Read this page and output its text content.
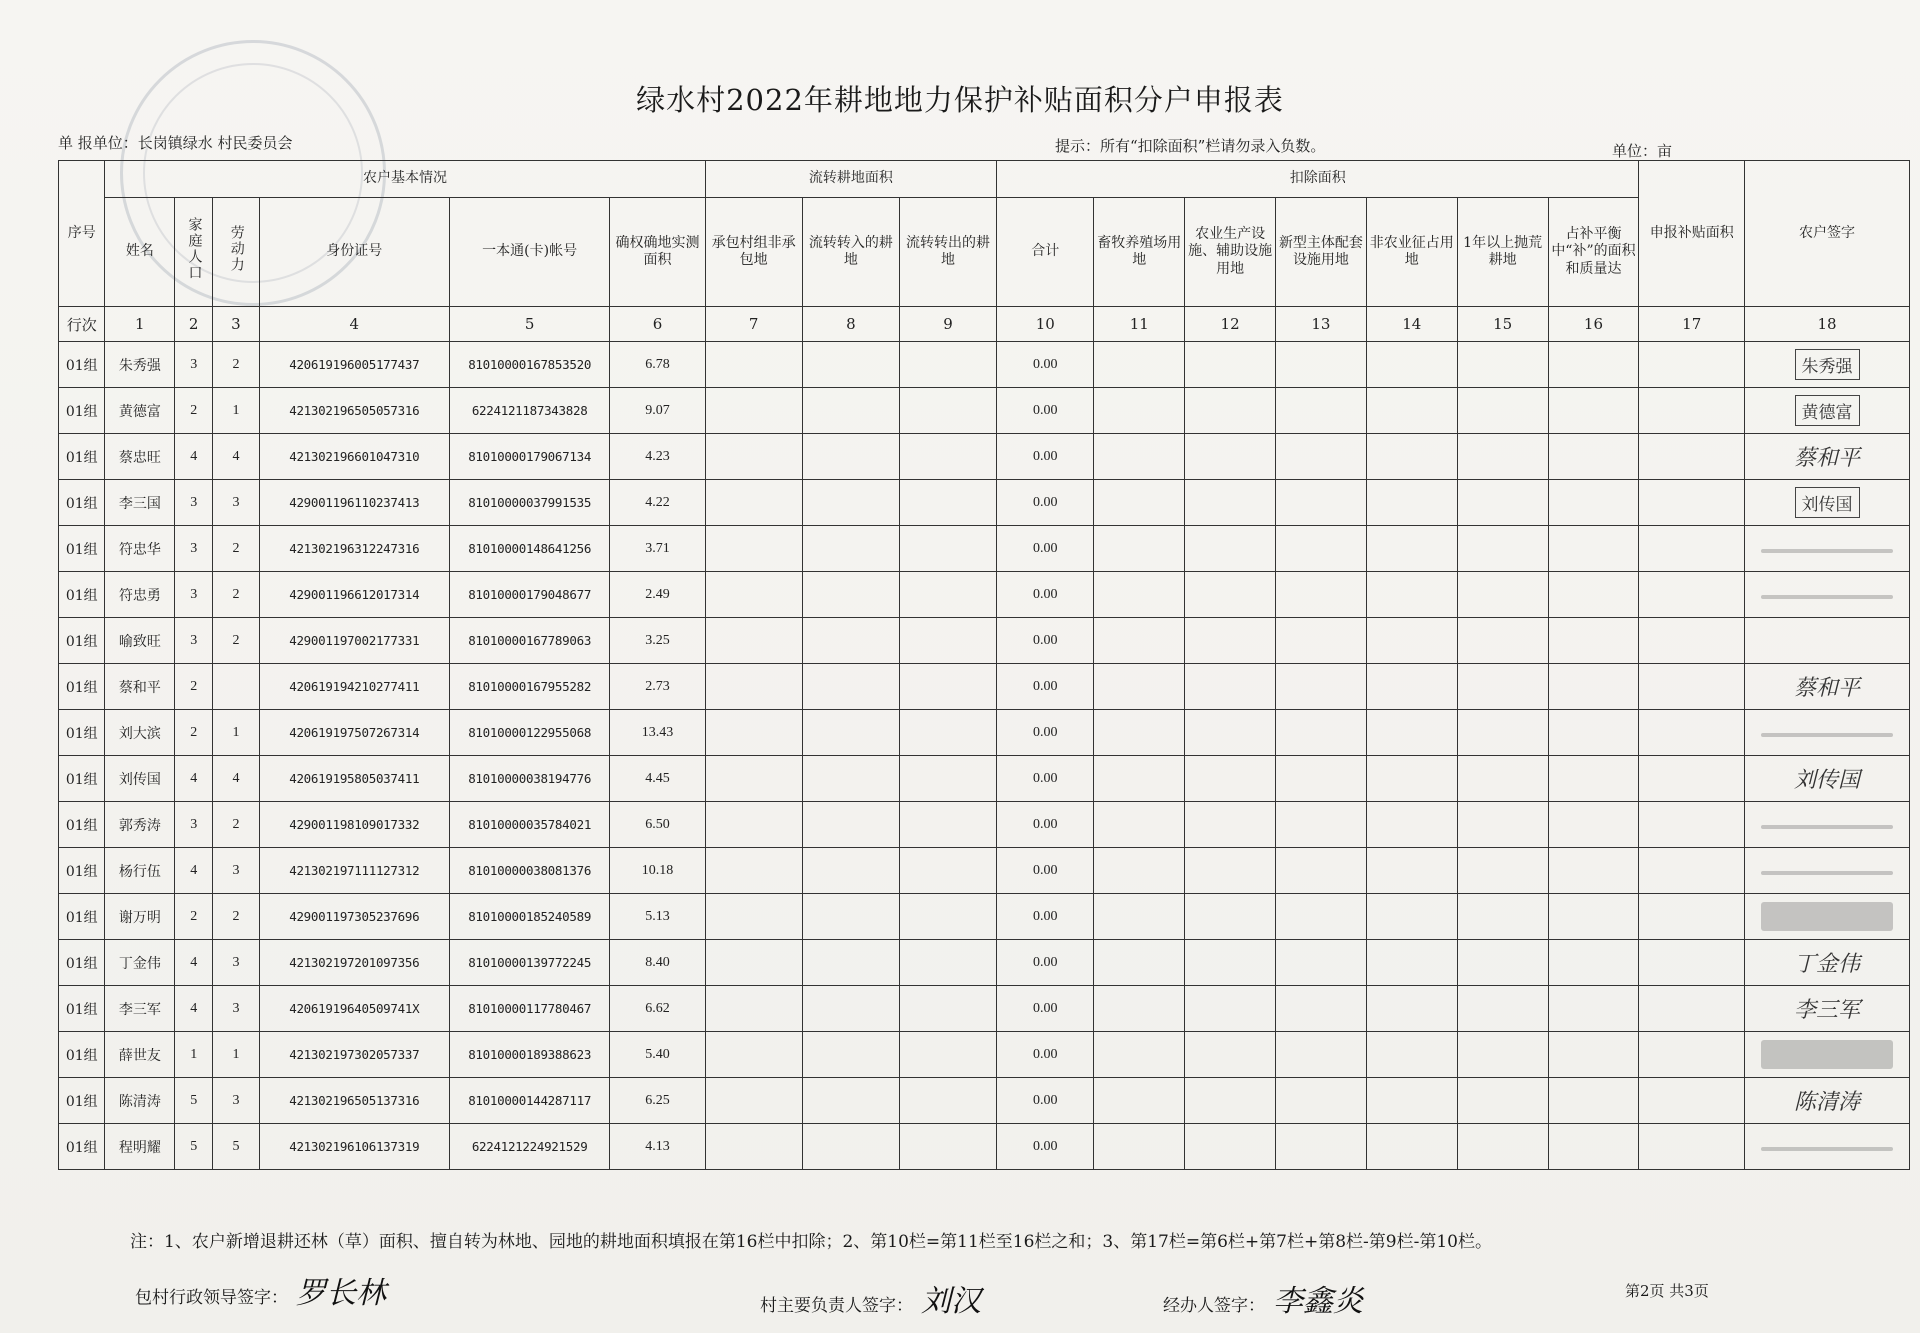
绿水村2022年耕地地力保护补贴面积分户申报表
单 报单位：长岗镇绿水 村民委员会	提示：所有“扣除面积”栏请勿录入负数。	单位：亩
序号	农户基本情况						流转耕地面积			扣除面积							申报补贴面积	农户签字
	姓名	家庭人口	劳动力	身份证号	一本通(卡)帐号	确权确地实测面积	承包村组非承包地	流转转入的耕地	流转转出的耕地	合计	畜牧养殖场用地	农业生产设施、辅助设施用地	新型主体配套设施用地	非农业征占用地	1年以上抛荒耕地	占补平衡中“补”的面积和质量达		
行次	1	2	3	4	5	6	7	8	9	10	11	12	13	14	15	16	17	18
01组	朱秀强	3	2	420619196005177437	81010000167853520	6.78				0.00								朱秀强
01组	黄德富	2	1	421302196505057316	6224121187343828	9.07				0.00								黄德富
01组	蔡忠旺	4	4	421302196601047310	81010000179067134	4.23				0.00								蔡和平
01组	李三国	3	3	429001196110237413	81010000037991535	4.22				0.00								刘传国
01组	符忠华	3	2	421302196312247316	81010000148641256	3.71				0.00								
01组	符忠勇	3	2	429001196612017314	81010000179048677	2.49				0.00								
01组	喻致旺	3	2	429001197002177331	81010000167789063	3.25				0.00								
01组	蔡和平	2		420619194210277411	81010000167955282	2.73				0.00								蔡和平
01组	刘大滨	2	1	420619197507267314	81010000122955068	13.43				0.00								
01组	刘传国	4	4	420619195805037411	81010000038194776	4.45				0.00								刘传国
01组	郭秀涛	3	2	429001198109017332	81010000035784021	6.50				0.00								
01组	杨行伍	4	3	421302197111127312	81010000038081376	10.18				0.00								
01组	谢万明	2	2	429001197305237696	81010000185240589	5.13				0.00								
01组	丁金伟	4	3	421302197201097356	81010000139772245	8.40				0.00								丁金伟
01组	李三军	4	3	42061919640509741X	81010000117780467	6.62				0.00								李三军
01组	薛世友	1	1	421302197302057337	81010000189388623	5.40				0.00								
01组	陈清涛	5	3	421302196505137316	81010000144287117	6.25				0.00								陈清涛
01组	程明耀	5	5	421302196106137319	6224121224921529	4.13				0.00								
注：1、农户新增退耕还林（草）面积、擅自转为林地、园地的耕地面积填报在第16栏中扣除；2、第10栏=第11栏至16栏之和；3、第17栏=第6栏+第7栏+第8栏-第9栏-第10栏。
包村行政领导签字： 罗长林	村主要负责人签字： 刘汉	经办人签字： 李鑫炎	第2页 共3页
